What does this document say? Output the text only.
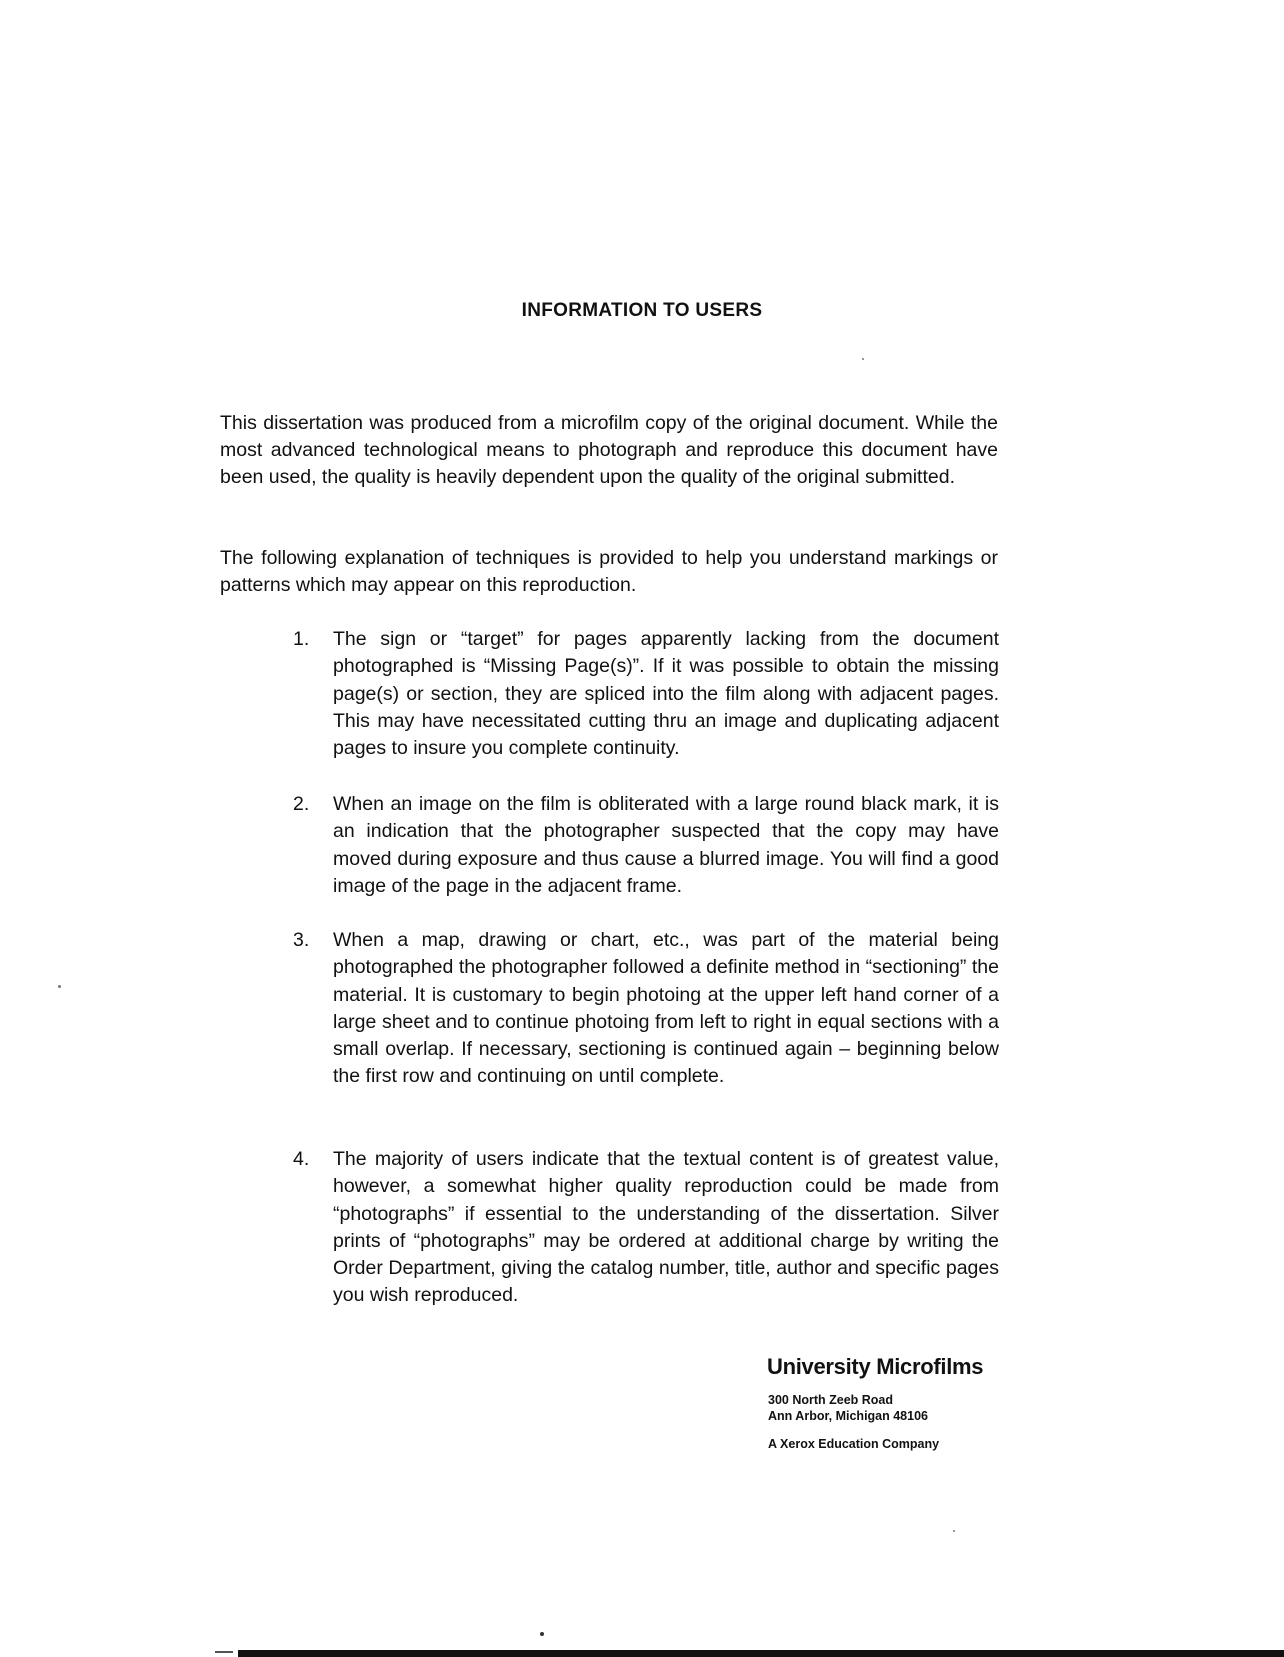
INFORMATION TO USERS

This dissertation was produced from a microfilm copy of the original document. While the most advanced technological means to photograph and reproduce this document have been used, the quality is heavily dependent upon the quality of the original submitted.

The following explanation of techniques is provided to help you understand markings or patterns which may appear on this reproduction.

1.	The sign or “target” for pages apparently lacking from the document photographed is “Missing Page(s)”. If it was possible to obtain the missing page(s) or section, they are spliced into the film along with adjacent pages. This may have necessitated cutting thru an image and duplicating adjacent pages to insure you complete continuity.

2.	When an image on the film is obliterated with a large round black mark, it is an indication that the photographer suspected that the copy may have moved during exposure and thus cause a blurred image. You will find a good image of the page in the adjacent frame.

3.	When a map, drawing or chart, etc., was part of the material being photographed the photographer followed a definite method in “sectioning” the material. It is customary to begin photoing at the upper left hand corner of a large sheet and to continue photoing from left to right in equal sections with a small overlap. If necessary, sectioning is continued again – beginning below the first row and continuing on until complete.

4.	The majority of users indicate that the textual content is of greatest value, however, a somewhat higher quality reproduction could be made from “photographs” if essential to the understanding of the dissertation. Silver prints of “photographs” may be ordered at additional charge by writing the Order Department, giving the catalog number, title, author and specific pages you wish reproduced.

University Microfilms
300 North Zeeb Road
Ann Arbor, Michigan 48106
A Xerox Education Company
